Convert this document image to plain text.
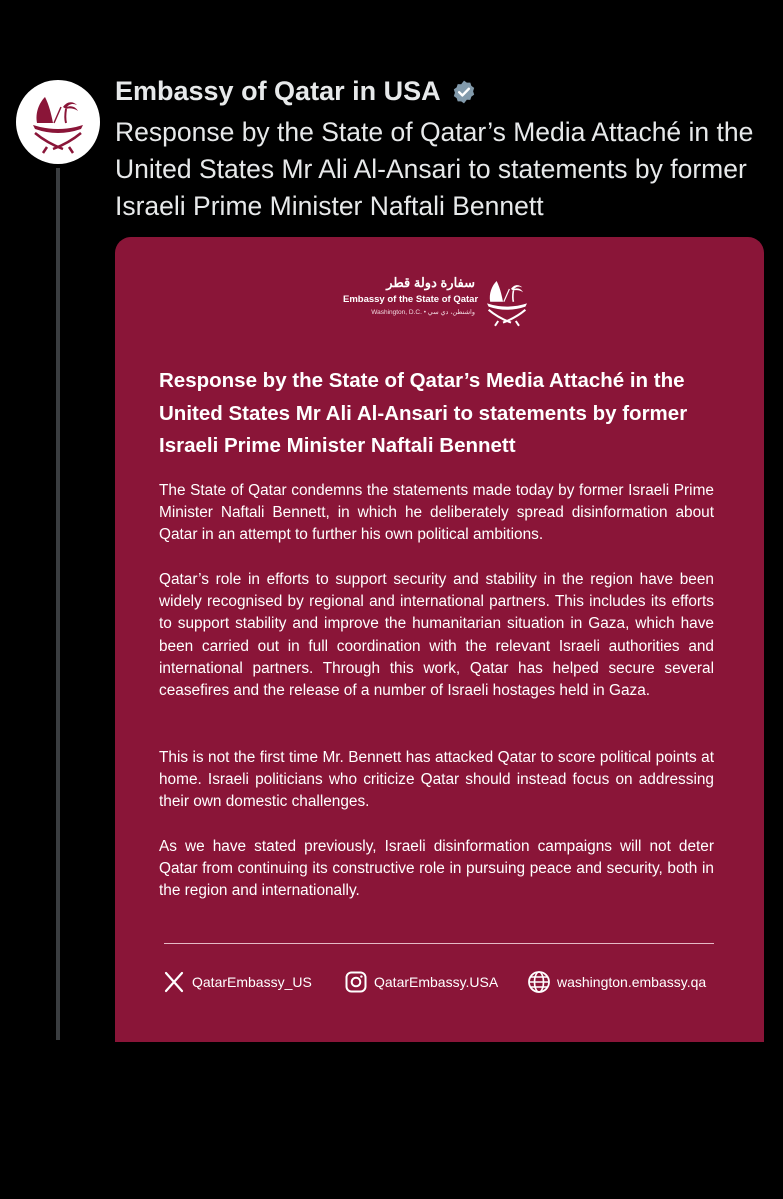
Embassy of Qatar in USA
Response by the State of Qatar’s Media Attaché in the United States Mr Ali Al-Ansari to statements by former Israeli Prime Minister Naftali Bennett
سفارة دولة قطر
Embassy of the State of Qatar
Washington, D.C. • واشنطن، دي سي
Response by the State of Qatar’s Media Attaché in the United States Mr Ali Al-Ansari to statements by former Israeli Prime Minister Naftali Bennett
The State of Qatar condemns the statements made today by former Israeli Prime Minister Naftali Bennett, in which he deliberately spread disinformation about Qatar in an attempt to further his own political ambitions.
Qatar’s role in efforts to support security and stability in the region have been widely recognised by regional and international partners. This includes its efforts to support stability and improve the humanitarian situation in Gaza, which have been carried out in full coordination with the relevant Israeli authorities and international partners. Through this work, Qatar has helped secure several ceasefires and the release of a number of Israeli hostages held in Gaza.
This is not the first time Mr. Bennett has attacked Qatar to score political points at home. Israeli politicians who criticize Qatar should instead focus on addressing their own domestic challenges.
As we have stated previously, Israeli disinformation campaigns will not deter Qatar from continuing its constructive role in pursuing peace and security, both in the region and internationally.
QatarEmbassy_US	QatarEmbassy.USA	washington.embassy.qa
